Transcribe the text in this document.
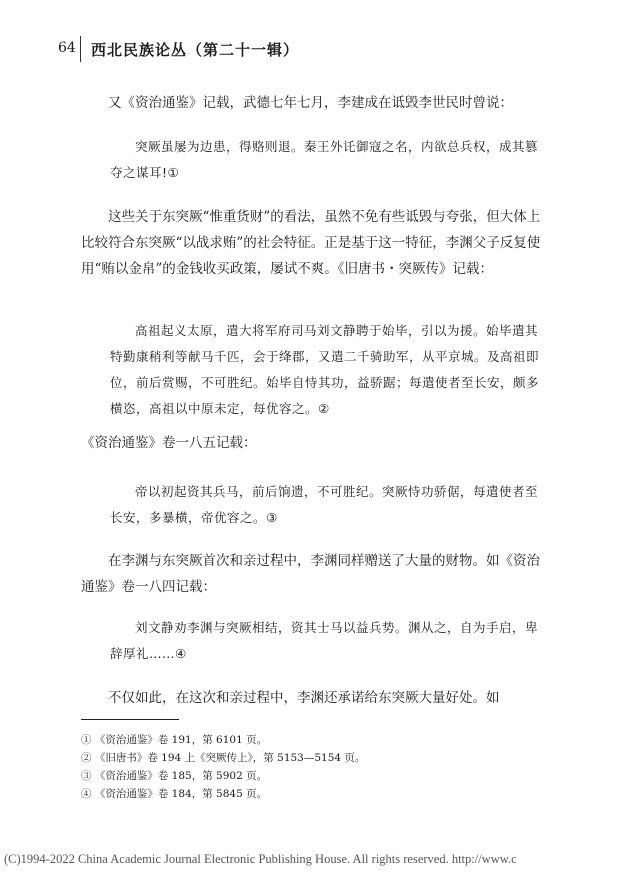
64 西北民族论丛（第二十一辑）

又《资治通鉴》记载，武德七年七月，李建成在诋毁李世民时曾说：

突厥虽屡为边患，得赂则退。秦王外讬御寇之名，内欲总兵权，成其篡夺之谋耳!①

这些关于东突厥“惟重货财”的看法，虽然不免有些诋毁与夸张，但大体上比较符合东突厥“以战求贿”的社会特征。正是基于这一特征，李渊父子反复使用“贿以金帛”的金钱收买政策，屡试不爽。《旧唐书・突厥传》记载：

高祖起义太原，遣大将军府司马刘文静聘于始毕，引以为援。始毕遣其特勤康稍利等献马千匹，会于绛郡，又遣二千骑助军，从平京城。及高祖即位，前后赏赐，不可胜纪。始毕自恃其功，益骄踞；每遣使者至长安，颇多横恣，高祖以中原未定，每优容之。②

《资治通鉴》卷一八五记载：

帝以初起资其兵马，前后饷遗，不可胜纪。突厥恃功骄倨，每遣使者至长安，多暴横，帝优容之。③

在李渊与东突厥首次和亲过程中，李渊同样赠送了大量的财物。如《资治通鉴》卷一八四记载：

刘文静劝李渊与突厥相结，资其士马以益兵势。渊从之，自为手启，卑辞厚礼……④

不仅如此，在这次和亲过程中，李渊还承诺给东突厥大量好处。如

① 《资治通鉴》卷 191，第 6101 页。
② 《旧唐书》卷 194 上《突厥传上》，第 5153—5154 页。
③ 《资治通鉴》卷 185，第 5902 页。
④ 《资治通鉴》卷 184，第 5845 页。
(C)1994-2022 China Academic Journal Electronic Publishing House. All rights reserved. http://www.c
